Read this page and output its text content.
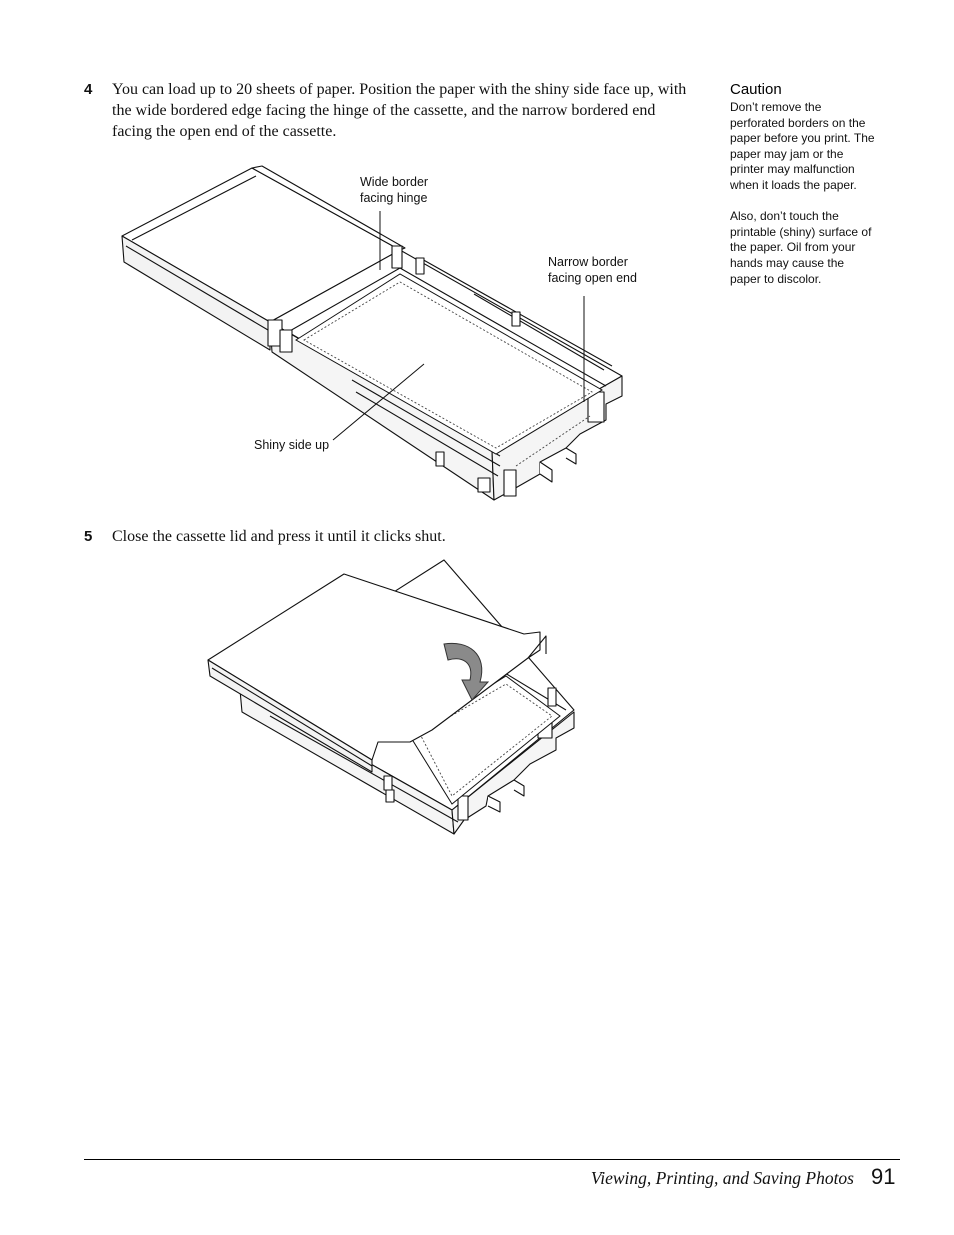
4 You can load up to 20 sheets of paper. Position the paper with the shiny side face up, with
the wide bordered edge facing the hinge of the cassette, and the narrow bordered end
facing the open end of the cassette.
Caution
Don’t remove the
perforated borders on the
paper before you print. The
paper may jam or the
printer may malfunction
when it loads the paper.
Also, don’t touch the
printable (shiny) surface of
the paper. Oil from your
hands may cause the
paper to discolor.
Wide border
facing hinge
Narrow border
facing open end
Shiny side up
5 Close the cassette lid and press it until it clicks shut.
Viewing, Printing, and Saving Photos 91
